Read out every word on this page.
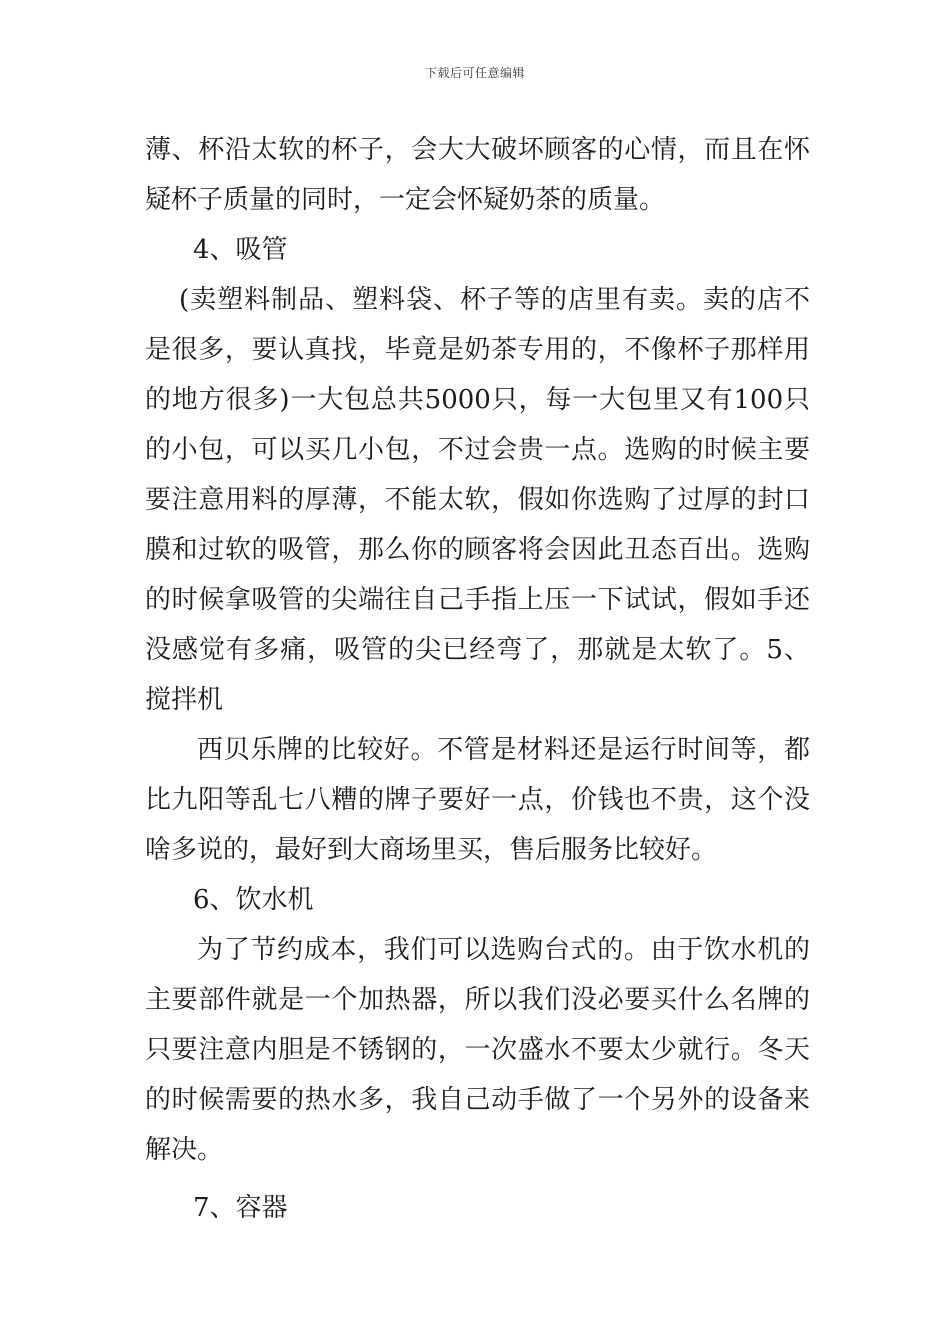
下载后可任意编辑

薄、杯沿太软的杯子，会大大破坏顾客的心情，而且在怀疑杯子质量的同时，一定会怀疑奶茶的质量。

4、吸管

(卖塑料制品、塑料袋、杯子等的店里有卖。卖的店不是很多，要认真找，毕竟是奶茶专用的，不像杯子那样用的地方很多)一大包总共5000只，每一大包里又有100只的小包，可以买几小包，不过会贵一点。选购的时候主要要注意用料的厚薄，不能太软，假如你选购了过厚的封口膜和过软的吸管，那么你的顾客将会因此丑态百出。选购的时候拿吸管的尖端往自己手指上压一下试试，假如手还没感觉有多痛，吸管的尖已经弯了，那就是太软了。5、搅拌机

西贝乐牌的比较好。不管是材料还是运行时间等，都比九阳等乱七八糟的牌子要好一点，价钱也不贵，这个没啥多说的，最好到大商场里买，售后服务比较好。

6、饮水机

为了节约成本，我们可以选购台式的。由于饮水机的主要部件就是一个加热器，所以我们没必要买什么名牌的只要注意内胆是不锈钢的，一次盛水不要太少就行。冬天的时候需要的热水多，我自己动手做了一个另外的设备来解决。

7、容器
